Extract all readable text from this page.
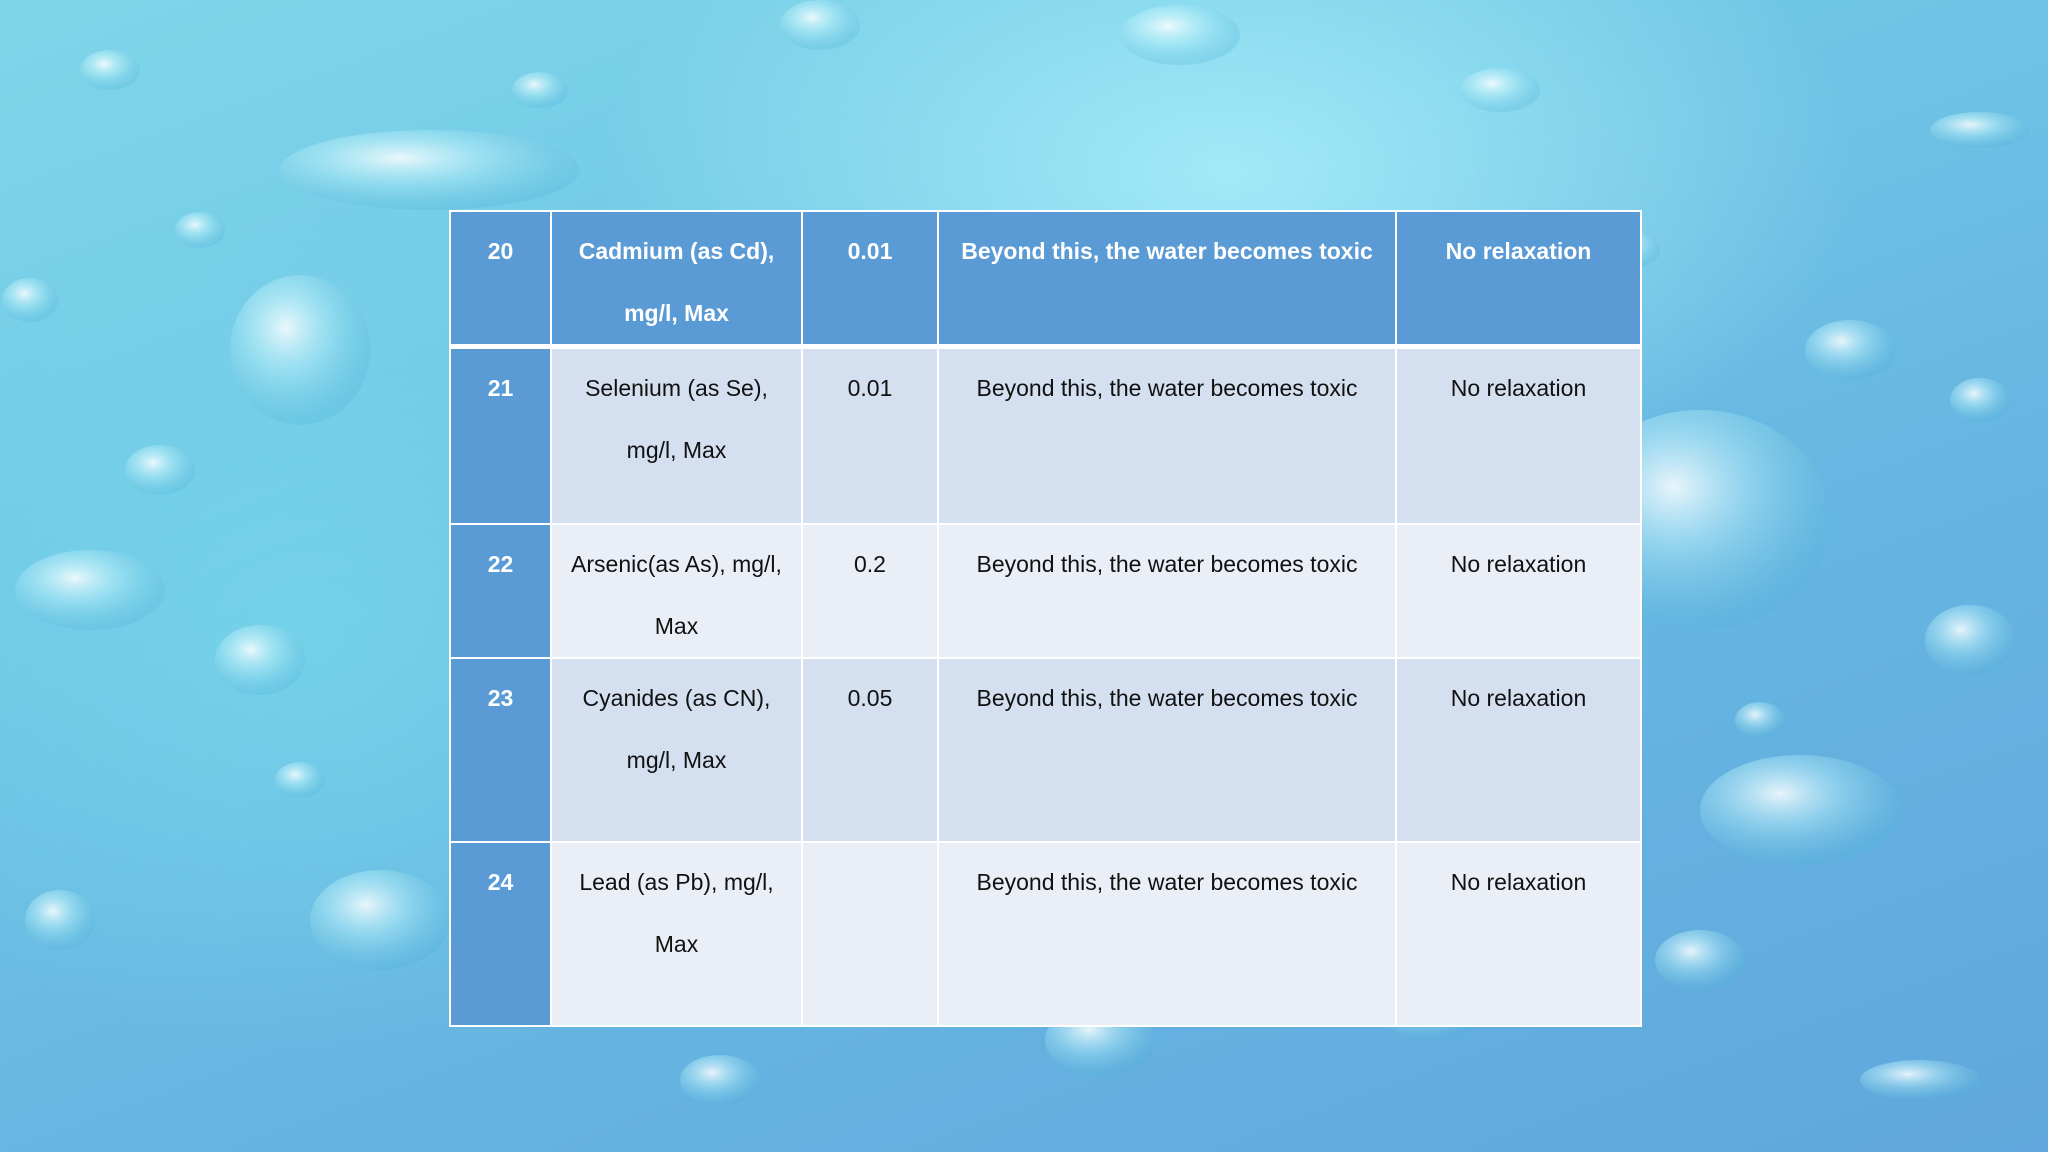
20	Cadmium (as Cd), mg/l, Max	0.01	Beyond this, the water becomes toxic	No relaxation
21	Selenium (as Se), mg/l, Max	0.01	Beyond this, the water becomes toxic	No relaxation
22	Arsenic(as As), mg/l, Max	0.2	Beyond this, the water becomes toxic	No relaxation
23	Cyanides (as CN), mg/l, Max	0.05	Beyond this, the water becomes toxic	No relaxation
24	Lead (as Pb), mg/l, Max		Beyond this, the water becomes toxic	No relaxation
